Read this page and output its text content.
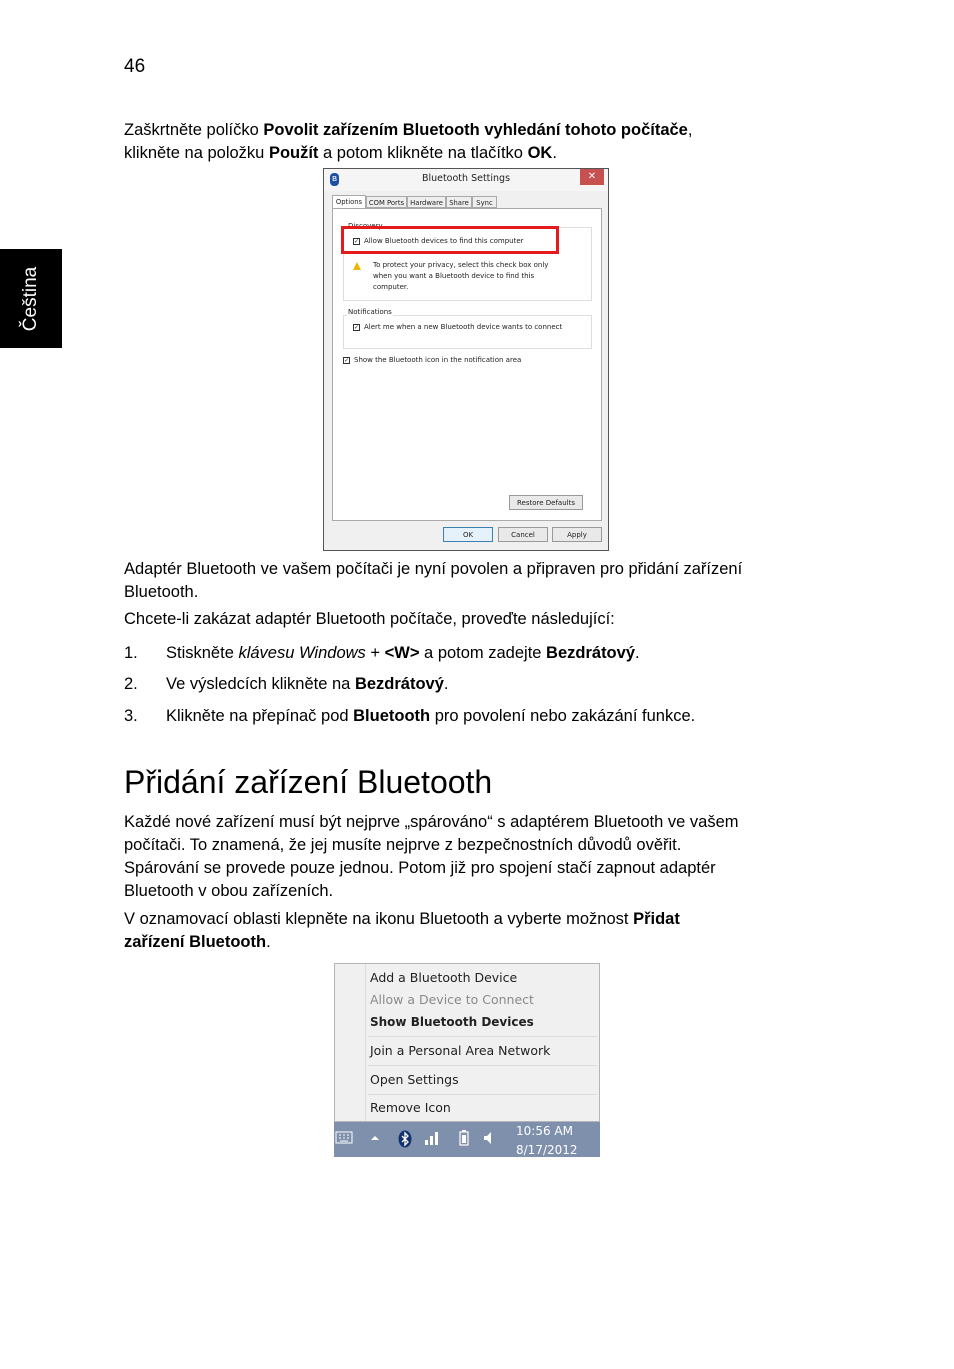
46
Čeština
Zaškrtněte políčko Povolit zařízením Bluetooth vyhledání tohoto počítače,
klikněte na položku Použít a potom klikněte na tlačítko OK.
ʙ	Bluetooth Settings	✕
Options	COM Ports Hardware Share	Sync
Discovery
✓ Allow Bluetooth devices to find this computer
To protect your privacy, select this check box only
when you want a Bluetooth device to find this
computer.
Notifications
✓ Alert me when a new Bluetooth device wants to connect
✓ Show the Bluetooth icon in the notification area
Restore Defaults
OK	Cancel	Apply
Adaptér Bluetooth ve vašem počítači je nyní povolen a připraven pro přidání zařízení
Bluetooth.
Chcete-li zakázat adaptér Bluetooth počítače, proveďte následující:
1. Stiskněte klávesu Windows + <W> a potom zadejte Bezdrátový.
2. Ve výsledcích klikněte na Bezdrátový.
3. Klikněte na přepínač pod Bluetooth pro povolení nebo zakázání funkce.
Přidání zařízení Bluetooth
Každé nové zařízení musí být nejprve „spárováno“ s adaptérem Bluetooth ve vašem
počítači. To znamená, že jej musíte nejprve z bezpečnostních důvodů ověřit.
Spárování se provede pouze jednou. Potom již pro spojení stačí zapnout adaptér
Bluetooth v obou zařízeních.
V oznamovací oblasti klepněte na ikonu Bluetooth a vyberte možnost Přidat
zařízení Bluetooth.
Add a Bluetooth Device
Allow a Device to Connect
Show Bluetooth Devices
Join a Personal Area Network
Open Settings
Remove Icon
10:56 AM
8/17/2012
